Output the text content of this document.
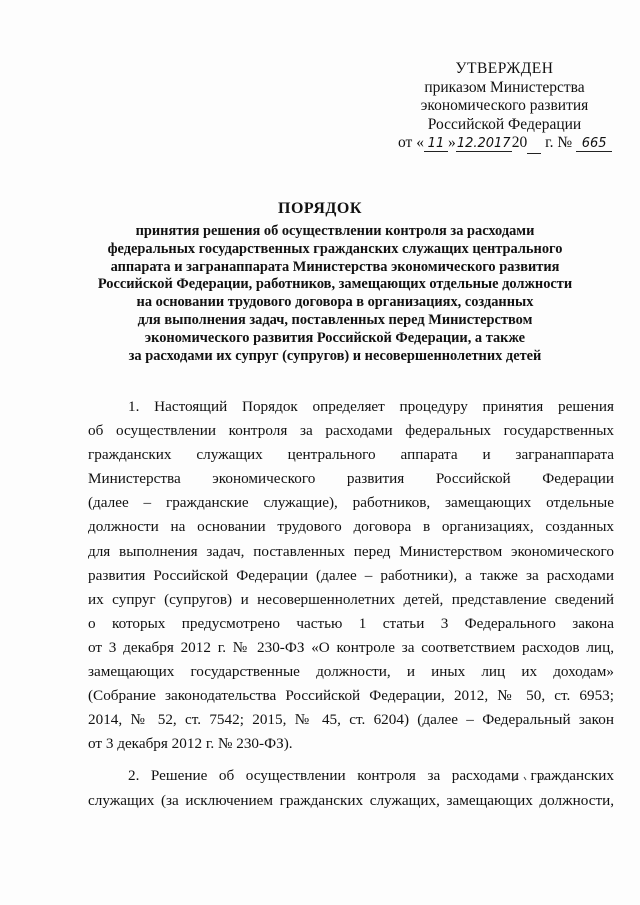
УТВЕРЖДЕН
приказом Министерства
экономического развития
Российской Федерации
от « 11 »12.201720 г. № 665
ПОРЯДОК
принятия решения об осуществлении контроля за расходами
федеральных государственных гражданских служащих центрального
аппарата и загранаппарата Министерства экономического развития
Российской Федерации, работников, замещающих отдельные должности
на основании трудового договора в организациях, созданных
для выполнения задач, поставленных перед Министерством
экономического развития Российской Федерации, а также
за расходами их супруг (супругов) и несовершеннолетних детей
1. Настоящий Порядок определяет процедуру принятия решения
об осуществлении контроля за расходами федеральных государственных
гражданских служащих центрального аппарата и загранаппарата
Министерства экономического развития Российской Федерации
(далее – гражданские служащие), работников, замещающих отдельные
должности на основании трудового договора в организациях, созданных
для выполнения задач, поставленных перед Министерством экономического
развития Российской Федерации (далее – работники), а также за расходами
их супруг (супругов) и несовершеннолетних детей, представление сведений
о которых предусмотрено частью 1 статьи 3 Федерального закона
от 3 декабря 2012 г. № 230-ФЗ «О контроле за соответствием расходов лиц,
замещающих государственные должности, и иных лиц их доходам»
(Собрание законодательства Российской Федерации, 2012, № 50, ст. 6953;
2014, № 52, ст. 7542; 2015, № 45, ст. 6204) (далее – Федеральный закон
от 3 декабря 2012 г. № 230-ФЗ).
2. Решение об осуществлении контроля за расходами гражданских
служащих (за исключением гражданских служащих, замещающих должности,
